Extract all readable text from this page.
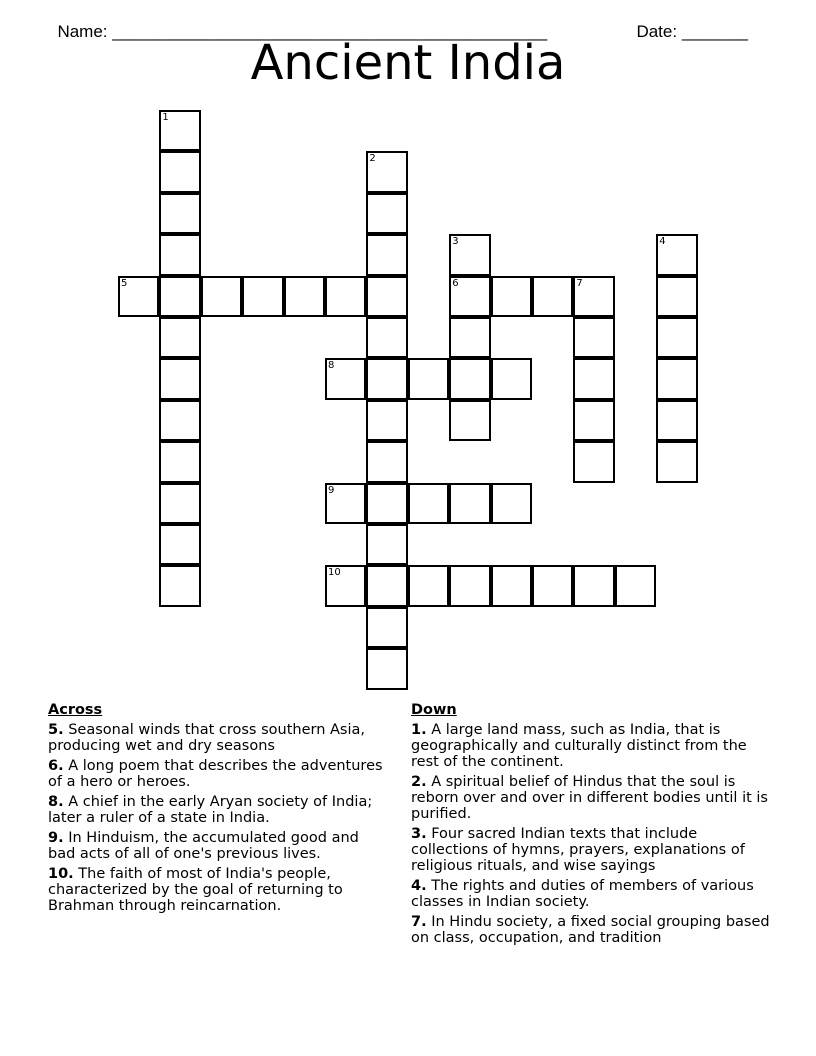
Name: ______________________________________________	Date: _______

Ancient India
1
2
3
6
4
5	7
8
9
10
Across
5. Seasonal winds that cross southern Asia, producing wet and dry seasons
6. A long poem that describes the adventures of a hero or heroes.
8. A chief in the early Aryan society of India; later a ruler of a state in India.
9. In Hinduism, the accumulated good and bad acts of all of one's previous lives.
10. The faith of most of India's people, characterized by the goal of returning to Brahman through reincarnation.
Down
1. A large land mass, such as India, that is geographically and culturally distinct from the rest of the continent.
2. A spiritual belief of Hindus that the soul is reborn over and over in different bodies until it is purified.
3. Four sacred Indian texts that include collections of hymns, prayers, explanations of religious rituals, and wise sayings
4. The rights and duties of members of various classes in Indian society.
7. In Hindu society, a fixed social grouping based on class, occupation, and tradition
